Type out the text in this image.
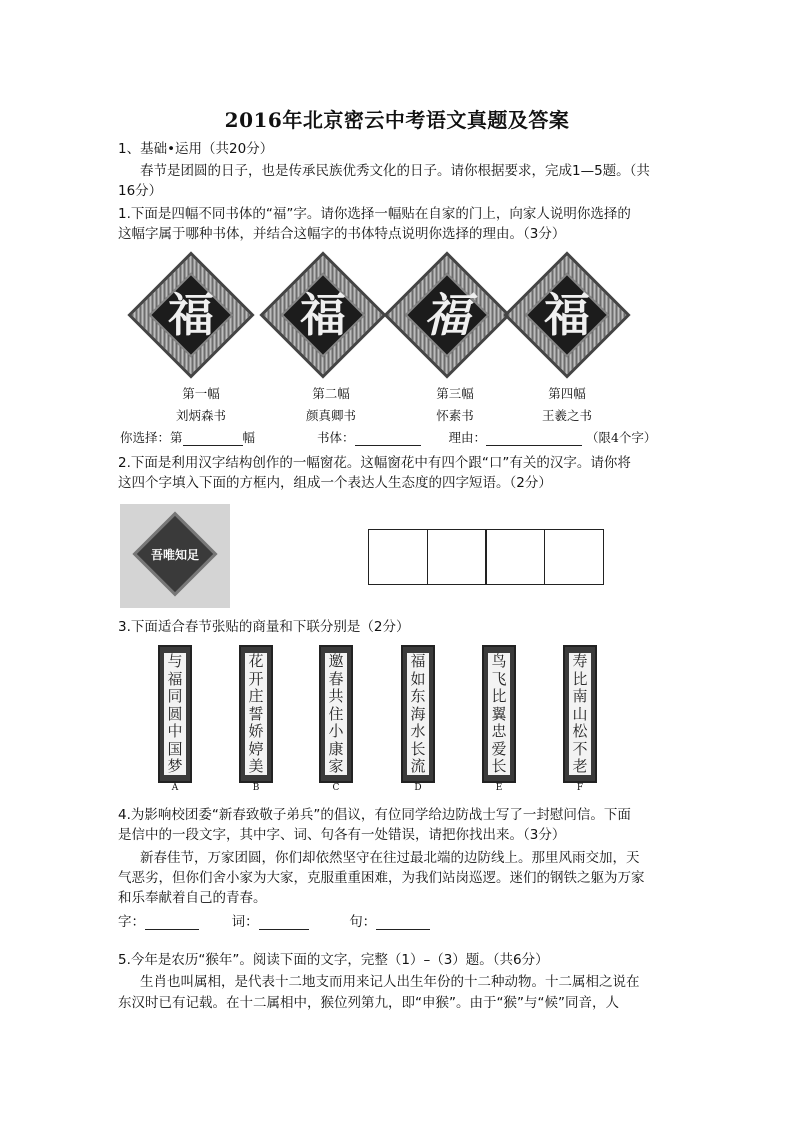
2016年北京密云中考语文真题及答案
1、基础•运用（共20分）
春节是团圆的日子，也是传承民族优秀文化的日子。请你根据要求，完成1—5题。（共
16分）
1.下面是四幅不同书体的“福”字。请你选择一幅贴在自家的门上，向家人说明你选择的
这幅字属于哪种书体，并结合这幅字的书体特点说明你选择的理由。（3分）
福	福	福	福
第一幅	第二幅	第三幅	第四幅
刘炳森书	颜真卿书	怀素书	王羲之书
你选择：第	幅	书体：	理由：	（限4个字）
2.下面是利用汉字结构创作的一幅窗花。这幅窗花中有四个跟“口”有关的汉字。请你将
这四个字填入下面的方框内，组成一个表达人生态度的四字短语。（2分）
吾唯知足
3.下面适合春节张贴的商量和下联分别是（2分）
与
福
同
圆
中
国
梦
花
开
庄
誓
娇
婷
美
邀
春
共
住
小
康
家
福
如
东
海
水
长
流
鸟
飞
比
翼
忠
爱
长
寿
比
南
山
松
不
老
A	B	C	D	E	F
4.为影响校团委“新春致敬子弟兵”的倡议，有位同学给边防战士写了一封慰问信。下面
是信中的一段文字，其中字、词、句各有一处错误，请把你找出来。（3分）
新春佳节，万家团圆，你们却依然坚守在往过最北端的边防线上。那里风雨交加，天
气恶劣，但你们舍小家为大家，克服重重困难，为我们站岗巡逻。迷们的钢铁之躯为万家
和乐奉献着自己的青春。
字：	词：	句：
5.今年是农历“猴年”。阅读下面的文字，完整（1）–（3）题。（共6分）
生肖也叫属相，是代表十二地支而用来记人出生年份的十二种动物。十二属相之说在
东汉时已有记载。在十二属相中，猴位列第九，即“申猴”。由于“猴”与“候”同音，人
